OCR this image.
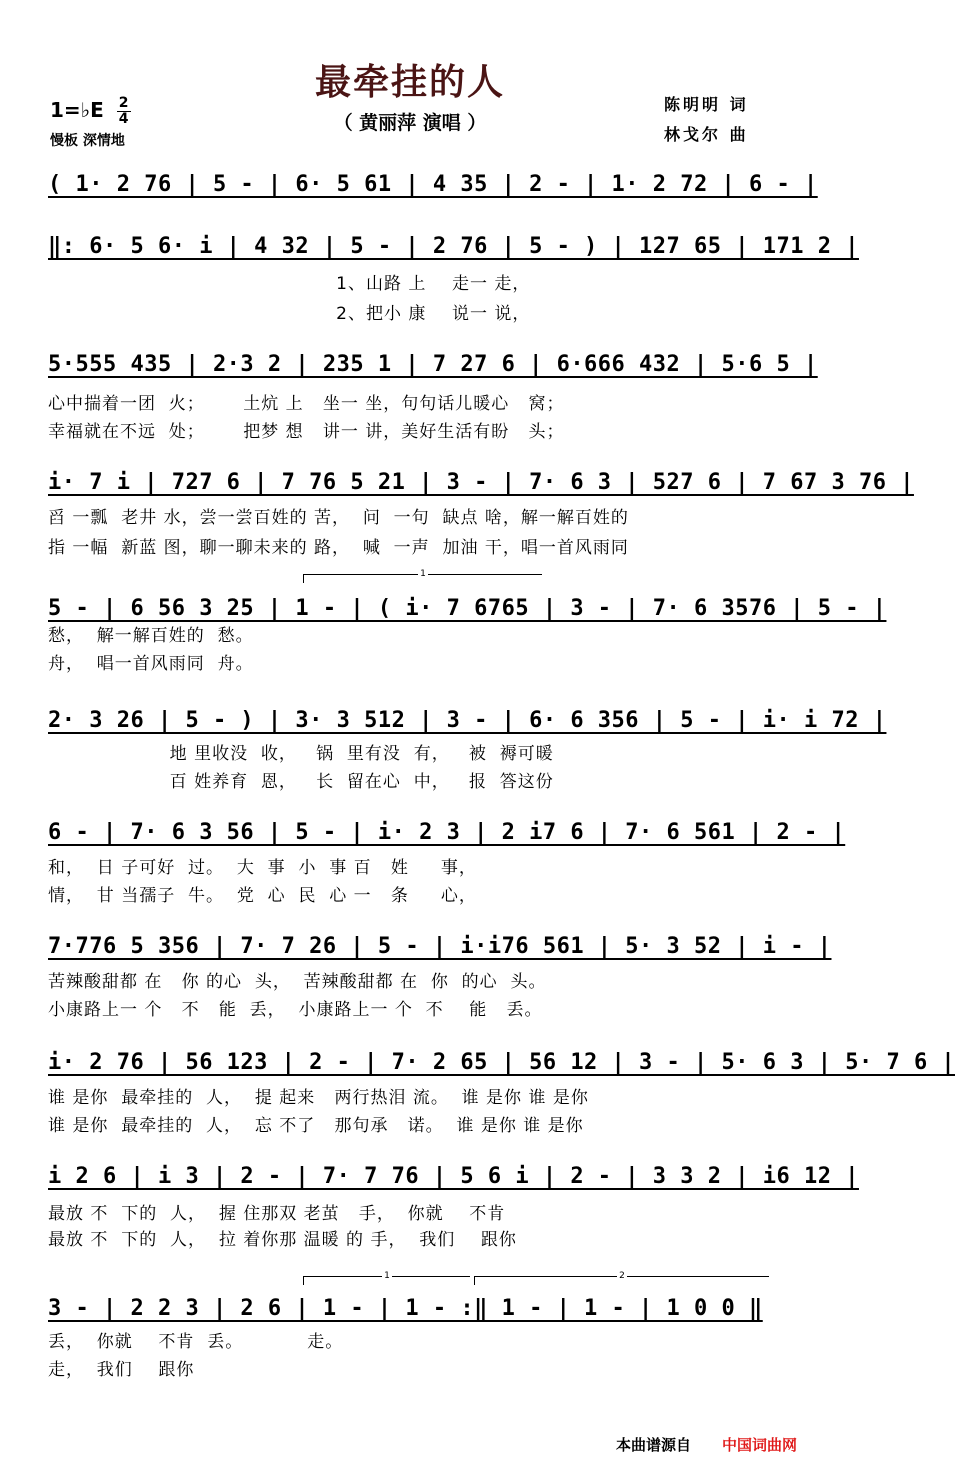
最牵挂的人
（ 黄丽萍 演唱 ）
1=♭E $\frac{2}{4}$
慢板 深情地
陈明明 词
林戈尔 曲
( 1· 2 76 | 5 - | 6· 5 61 | 4 35 | 2 - | 1· 2 72 | 6 - |
‖: 6· 5 6· i | 4 32 | 5 - | 2 76 | 5 - ) | 127 65 | 171 2 |
1、山路 上    走一 走，
2、把小 康    说一 说，
5·555 435 | 2·3 2 | 235 1 | 7 27 6 | 6·666 432 | 5·6 5 |
心中揣着一团  火；      土炕 上   坐一 坐，句句话儿暖心   窝；
幸福就在不远  处；      把梦 想   讲一 讲，美好生活有盼   头；
i· 7 i | 727 6 | 7 76 5 21 | 3 - | 7· 6 3 | 527 6 | 7 67 3 76 |
舀 一瓢  老井 水，尝一尝百姓的 苦，  问  一句  缺点 啥，解一解百姓的
指 一幅  新蓝 图，聊一聊未来的 路，  喊  一声  加油 干，唱一首风雨同
1
5 - | 6 56 3 25 | 1 - | ( i· 7 6765 | 3 - | 7· 6 3576 | 5 - |
愁，  解一解百姓的  愁。
舟，  唱一首风雨同  舟。
2· 3 26 | 5 - ) | 3· 3 512 | 3 - | 6· 6 356 | 5 - | i· i 72 |
地 里收没  收，   锅  里有没  有，   被  褥可暖
百 姓养育  恩，   长  留在心  中，   报  答这份
6 - | 7· 6 3 56 | 5 - | i· 2 3 | 2 i7 6 | 7· 6 561 | 2 - |
和，  日 子可好  过。  大  事  小  事 百   姓     事，
情，  甘 当孺子  牛。  党  心  民  心 一   条     心，
7·776 5 356 | 7· 7 26 | 5 - | i·i76 561 | 5· 3 52 | i - |
苦辣酸甜都 在   你 的心  头，  苦辣酸甜都 在  你  的心  头。
小康路上一 个   不   能  丢，  小康路上一 个  不    能   丢。
i· 2 76 | 56 123 | 2 - | 7· 2 65 | 56 12 | 3 - | 5· 6 3 | 5· 7 6 |
谁 是你  最牵挂的  人，  提 起来   两行热泪 流。  谁 是你 谁 是你
谁 是你  最牵挂的  人，  忘 不了   那句承   诺。  谁 是你 谁 是你
i 2 6 | i 3 | 2 - | 7· 7 76 | 5 6 i | 2 - | 3 3 2 | i6 12 |
最放 不  下的  人，  握 住那双 老茧   手，  你就    不肯
最放 不  下的  人，  拉 着你那 温暖 的 手，  我们    跟你
1	2
3 - | 2 2 3 | 2 6 | 1 - | 1 - :‖ 1 - | 1 - | 1 0 0 ‖
丢，  你就    不肯  丢。          走。
走，  我们    跟你
本曲谱源自 中国词曲网
